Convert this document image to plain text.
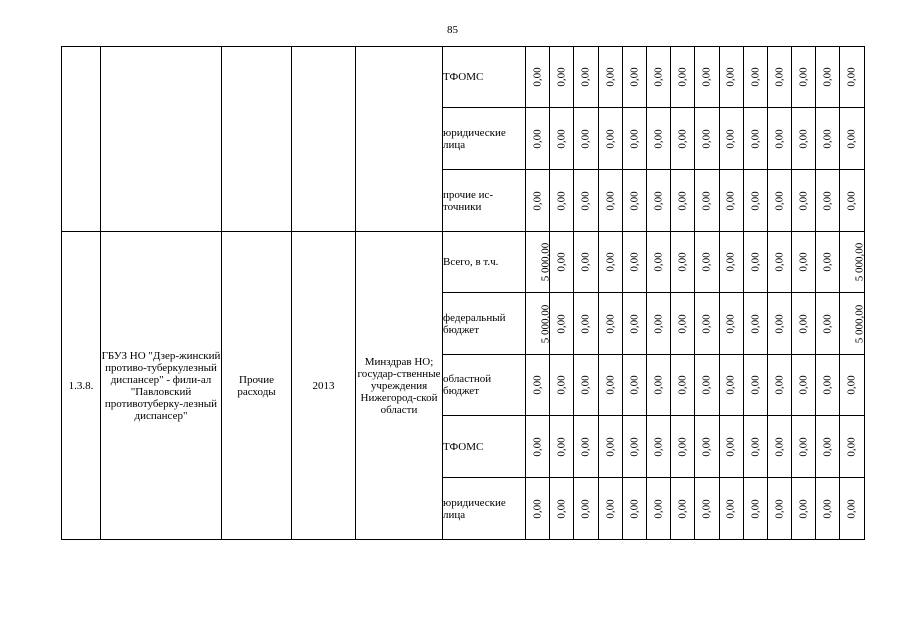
85
					ТФОМС	0,00	0,00	0,00	0,00	0,00	0,00	0,00	0,00	0,00	0,00	0,00	0,00	0,00	0,00
					юридические лица	0,00	0,00	0,00	0,00	0,00	0,00	0,00	0,00	0,00	0,00	0,00	0,00	0,00	0,00
					прочие ис-точники	0,00	0,00	0,00	0,00	0,00	0,00	0,00	0,00	0,00	0,00	0,00	0,00	0,00	0,00
1.3.8.	ГБУЗ НО "Дзер-жинский противо-туберкулезный диспансер" - фили-ал "Павловский противотуберку-лезный диспансер"	Прочие расходы	2013	Минздрав НО; государ-ственные учреждения Нижегород-ской области	Всего, в т.ч.	5 000,00	0,00	0,00	0,00	0,00	0,00	0,00	0,00	0,00	0,00	0,00	0,00	0,00	5 000,00
					федеральный бюджет	5 000,00	0,00	0,00	0,00	0,00	0,00	0,00	0,00	0,00	0,00	0,00	0,00	0,00	5 000,00
					областной бюджет	0,00	0,00	0,00	0,00	0,00	0,00	0,00	0,00	0,00	0,00	0,00	0,00	0,00	0,00
					ТФОМС	0,00	0,00	0,00	0,00	0,00	0,00	0,00	0,00	0,00	0,00	0,00	0,00	0,00	0,00
					юридические лица	0,00	0,00	0,00	0,00	0,00	0,00	0,00	0,00	0,00	0,00	0,00	0,00	0,00	0,00
